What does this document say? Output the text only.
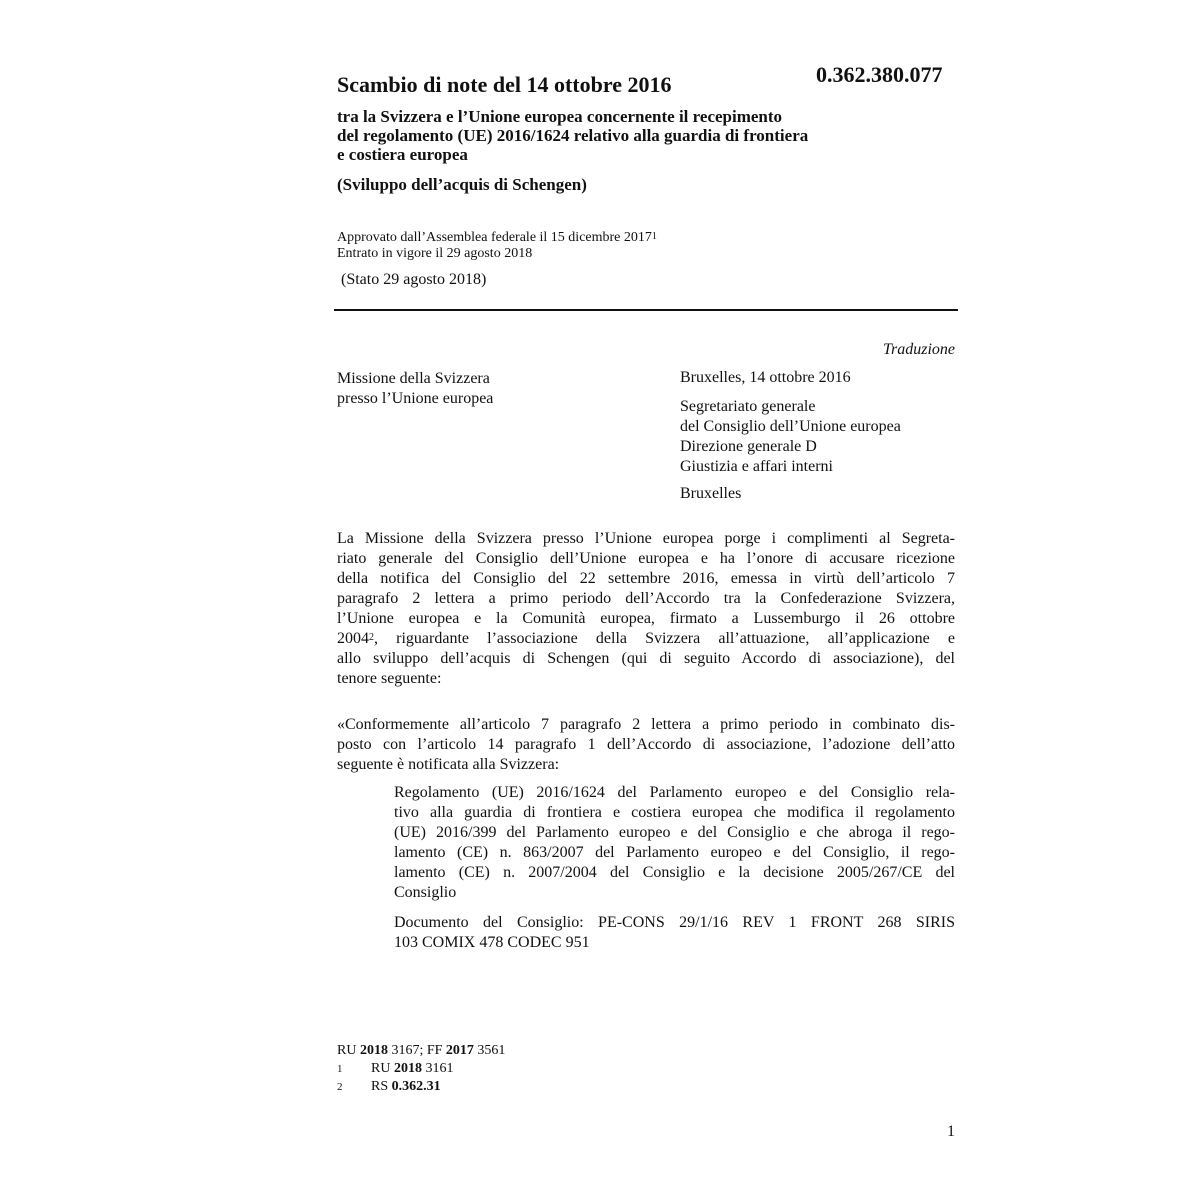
Scambio di note del 14 ottobre 2016	0.362.380.077
tra la Svizzera e l’Unione europea concernente il recepimento
del regolamento (UE) 2016/1624 relativo alla guardia di frontiera
e costiera europea
(Sviluppo dell’acquis di Schengen)
Approvato dall’Assemblea federale il 15 dicembre 2017$^1$
Entrato in vigore il 29 agosto 2018
(Stato 29 agosto 2018)
Traduzione
Missione della Svizzera
presso l’Unione europea
Bruxelles, 14 ottobre 2016
Segretariato generale
del Consiglio dell’Unione europea
Direzione generale D
Giustizia e affari interni
Bruxelles
La Missione della Svizzera presso l’Unione europea porge i complimenti al Segreta-
riato generale del Consiglio dell’Unione europea e ha l’onore di accusare ricezione
della notifica del Consiglio del 22 settembre 2016, emessa in virtù dell’articolo 7
paragrafo 2 lettera a primo periodo dell’Accordo tra la Confederazione Svizzera,
l’Unione europea e la Comunità europea, firmato a Lussemburgo il 26 ottobre
2004$^2$, riguardante l’associazione della Svizzera all’attuazione, all’applicazione e
allo sviluppo dell’acquis di Schengen (qui di seguito Accordo di associazione), del
tenore seguente:
«Conformemente all’articolo 7 paragrafo 2 lettera a primo periodo in combinato dis-
posto con l’articolo 14 paragrafo 1 dell’Accordo di associazione, l’adozione dell’atto
seguente è notificata alla Svizzera:
Regolamento (UE) 2016/1624 del Parlamento europeo e del Consiglio rela-
tivo alla guardia di frontiera e costiera europea che modifica il regolamento
(UE) 2016/399 del Parlamento europeo e del Consiglio e che abroga il rego-
lamento (CE) n. 863/2007 del Parlamento europeo e del Consiglio, il rego-
lamento (CE) n. 2007/2004 del Consiglio e la decisione 2005/267/CE del
Consiglio
Documento del Consiglio: PE-CONS 29/1/16 REV 1 FRONT 268 SIRIS
103 COMIX 478 CODEC 951
RU 2018 3167; FF 2017 3561
1 RU 2018 3161
2 RS 0.362.31
1
